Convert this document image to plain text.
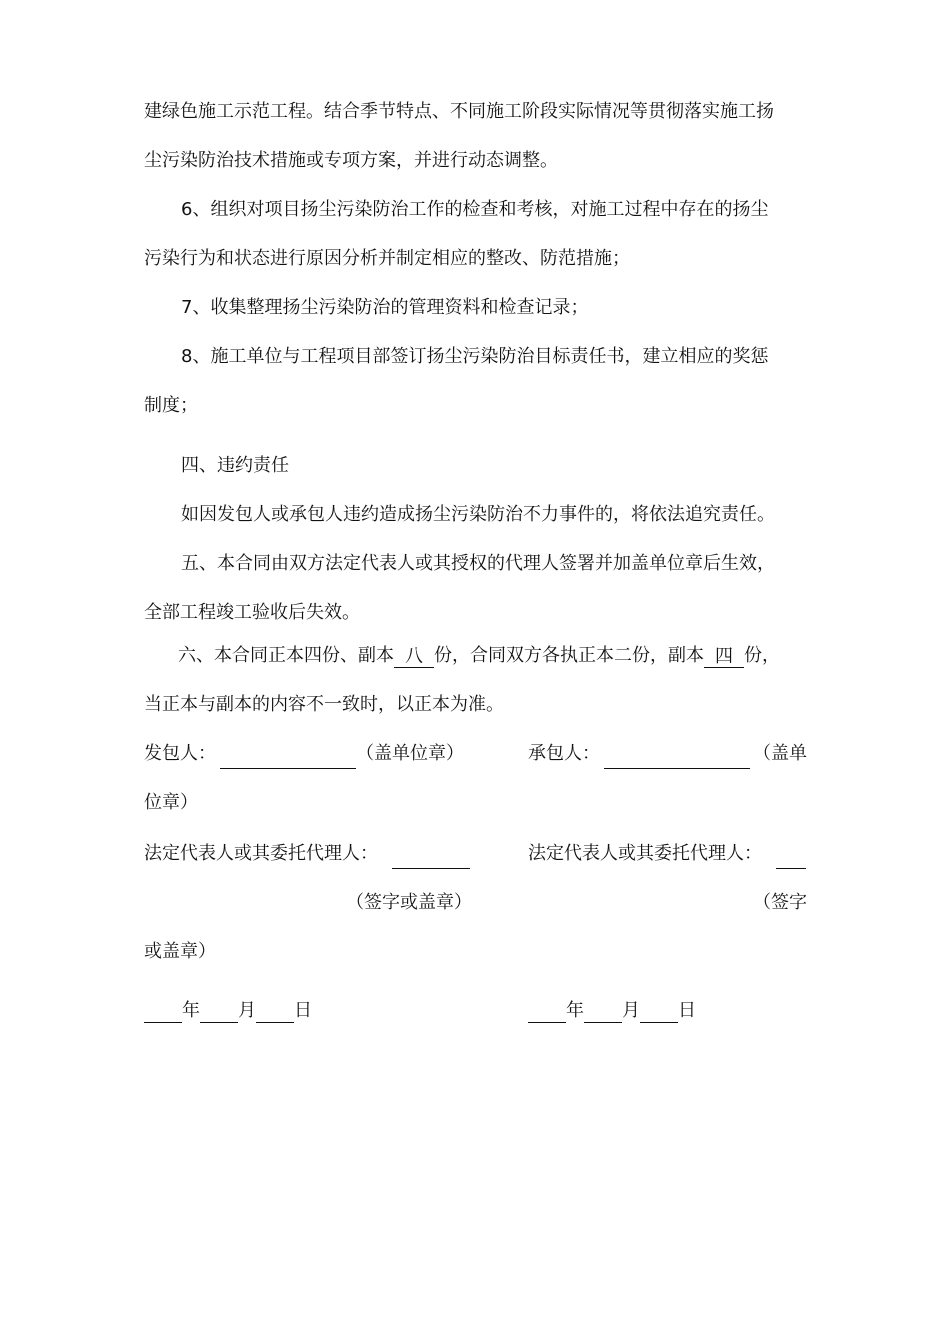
建绿色施工示范工程。结合季节特点、不同施工阶段实际情况等贯彻落实施工扬
尘污染防治技术措施或专项方案，并进行动态调整。
6、组织对项目扬尘污染防治工作的检查和考核，对施工过程中存在的扬尘
污染行为和状态进行原因分析并制定相应的整改、防范措施；
7、收集整理扬尘污染防治的管理资料和检查记录；
8、施工单位与工程项目部签订扬尘污染防治目标责任书，建立相应的奖惩
制度；
四、违约责任
如因发包人或承包人违约造成扬尘污染防治不力事件的，将依法追究责任。
五、本合同由双方法定代表人或其授权的代理人签署并加盖单位章后生效，
全部工程竣工验收后失效。
六、本合同正本四份、副本 八 份，合同双方各执正本二份，副本 四 份，
当正本与副本的内容不一致时，以正本为准。
发包人：	（盖单位章）	承包人：	（盖单
位章）
法定代表人或其委托代理人：	法定代表人或其委托代理人：
（签字或盖章）	（签字
或盖章）
年 月 日	年 月 日
